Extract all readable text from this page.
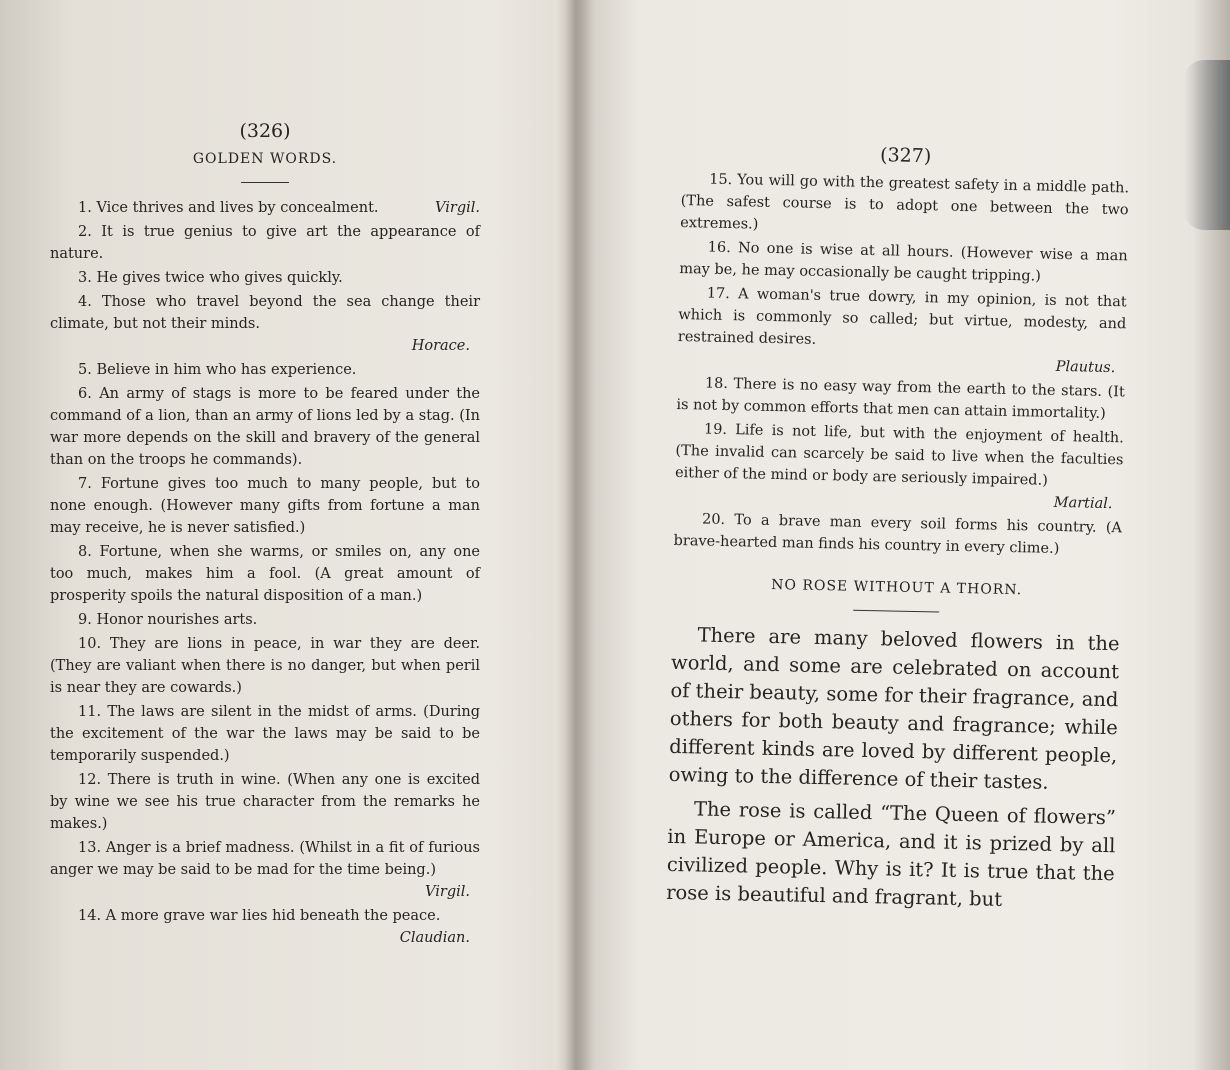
(326)
GOLDEN WORDS.

1. Vice thrives and lives by concealment.	Virgil.

2. It is true genius to give art the appearance of nature.

3. He gives twice who gives quickly.

4. Those who travel beyond the sea change their climate, but not their minds.

Horace.

5. Believe in him who has experience.

6. An army of stags is more to be feared under the command of a lion, than an army of lions led by a stag. (In war more depends on the skill and bravery of the general than on the troops he commands).

7. Fortune gives too much to many people, but to none enough. (However many gifts from fortune a man may receive, he is never satisfied.)

8. Fortune, when she warms, or smiles on, any one too much, makes him a fool. (A great amount of prosperity spoils the natural disposition of a man.)

9. Honor nourishes arts.

10. They are lions in peace, in war they are deer. (They are valiant when there is no danger, but when peril is near they are cowards.)

11. The laws are silent in the midst of arms. (During the excitement of the war the laws may be said to be temporarily suspended.)

12. There is truth in wine. (When any one is excited by wine we see his true character from the remarks he makes.)

13. Anger is a brief madness. (Whilst in a fit of furious anger we may be said to be mad for the time being.)

Virgil.

14. A more grave war lies hid beneath the peace.

Claudian.
(327)

15. You will go with the greatest safety in a middle path. (The safest course is to adopt one between the two extremes.)

16. No one is wise at all hours. (However wise a man may be, he may occasionally be caught tripping.)

17. A woman's true dowry, in my opinion, is not that which is commonly so called; but virtue, modesty, and restrained desires.

Plautus.

18. There is no easy way from the earth to the stars. (It is not by common efforts that men can attain immortality.)

19. Life is not life, but with the enjoyment of health. (The invalid can scarcely be said to live when the faculties either of the mind or body are seriously impaired.)

Martial.

20. To a brave man every soil forms his country. (A brave-hearted man finds his country in every clime.)

NO ROSE WITHOUT A THORN.

There are many beloved flowers in the world, and some are celebrated on account of their beauty, some for their fragrance, and others for both beauty and fragrance; while different kinds are loved by different people, owing to the difference of their tastes.

The rose is called “The Queen of flowers” in Europe or America, and it is prized by all civilized people. Why is it? It is true that the rose is beautiful and fragrant, but
